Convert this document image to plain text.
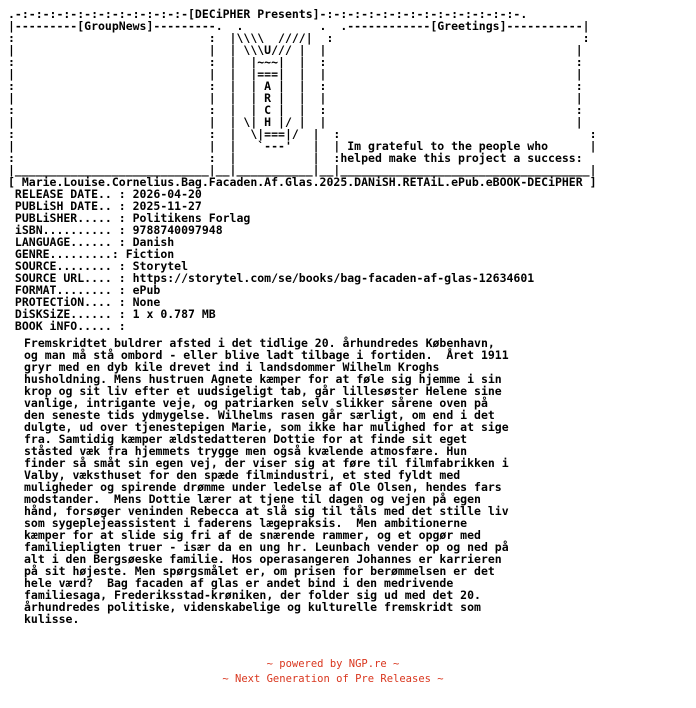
.-:-:-:-:-:-:-:-:-:-:-:-:-[DECiPHER Presents]-:-:-:-:-:-:-:-:-:-:-:-:-:-:-.
|---------[GroupNews]---------.  .           .  .------------[Greetings]-----------|
:                            :  |\\\\  ////|  :                                    :
|                            |  | \\\U/// |  |                                    |
:                            :  |  |~~~|  |  :                                    :
|                            |  |  |===|  |  |                                    |
:                            :  |  | A |  |  :                                    :
|                            |  |  | R |  |  |                                    |
:                            :  |  | C |  |  :                                    :
|                            |  | \| H |/ |  |                                    |
:                            :  |  \|===|/  |  :                                    :
|                            |  |   `---'   |  | Im grateful to the people who      |
:                            :  |           |  :helped make this project a success:
|____________________________|__|___________|__|____________________________________|
[ Marie.Louise.Cornelius.Bag.Facaden.Af.Glas.2025.DANiSH.RETAiL.ePub.eBOOK-DECiPHER ]
RELEASE DATE.. : 2026-04-20
PUBLiSH DATE.. : 2025-11-27
PUBLiSHER..... : Politikens Forlag
iSBN.......... : 9788740097948
LANGUAGE...... : Danish
GENRE.........: Fiction
SOURCE........ : Storytel
SOURCE URL.... : https://storytel.com/se/books/bag-facaden-af-glas-12634601
FORMAT........ : ePub
PROTECTiON.... : None
DiSKSiZE...... : 1 x 0.787 MB
BOOK iNFO..... :
Fremskridtet buldrer afsted i det tidlige 20. århundredes København,
og man må stå ombord - eller blive ladt tilbage i fortiden.  Året 1911
gryr med en dyb kile drevet ind i landsdommer Wilhelm Kroghs
husholdning. Mens hustruen Agnete kæmper for at føle sig hjemme i sin
krop og sit liv efter et uudsigeligt tab, går lillesøster Helene sine
vanlige, intrigante veje, og patriarken selv slikker sårene oven på
den seneste tids ydmygelse. Wilhelms rasen går særligt, om end i det
dulgte, ud over tjenestepigen Marie, som ikke har mulighed for at sige
fra. Samtidig kæmper ældstedatteren Dottie for at finde sit eget
ståsted væk fra hjemmets trygge men også kvælende atmosfære. Hun
finder så småt sin egen vej, der viser sig at føre til filmfabrikken i
Valby, væksthuset for den spæde filmindustri, et sted fyldt med
muligheder og spirende drømme under ledelse af Ole Olsen, hendes fars
modstander.  Mens Dottie lærer at tjene til dagen og vejen på egen
hånd, forsøger veninden Rebecca at slå sig til tåls med det stille liv
som sygeplejeassistent i faderens lægepraksis.  Men ambitionerne
kæmper for at slide sig fri af de snærende rammer, og et opgør med
familiepligten truer - især da en ung hr. Leunbach vender op og ned på
alt i den Bergsøeske familie. Hos operasangeren Johannes er karrieren
på sit højeste. Men spørgsmålet er, om prisen for berømmelsen er det
hele værd?  Bag facaden af glas er andet bind i den medrivende
familiesaga, Frederiksstad-krøniken, der folder sig ud med det 20.
århundredes politiske, videnskabelige og kulturelle fremskridt som
kulisse.
~ powered by NGP.re ~
~ Next Generation of Pre Releases ~
